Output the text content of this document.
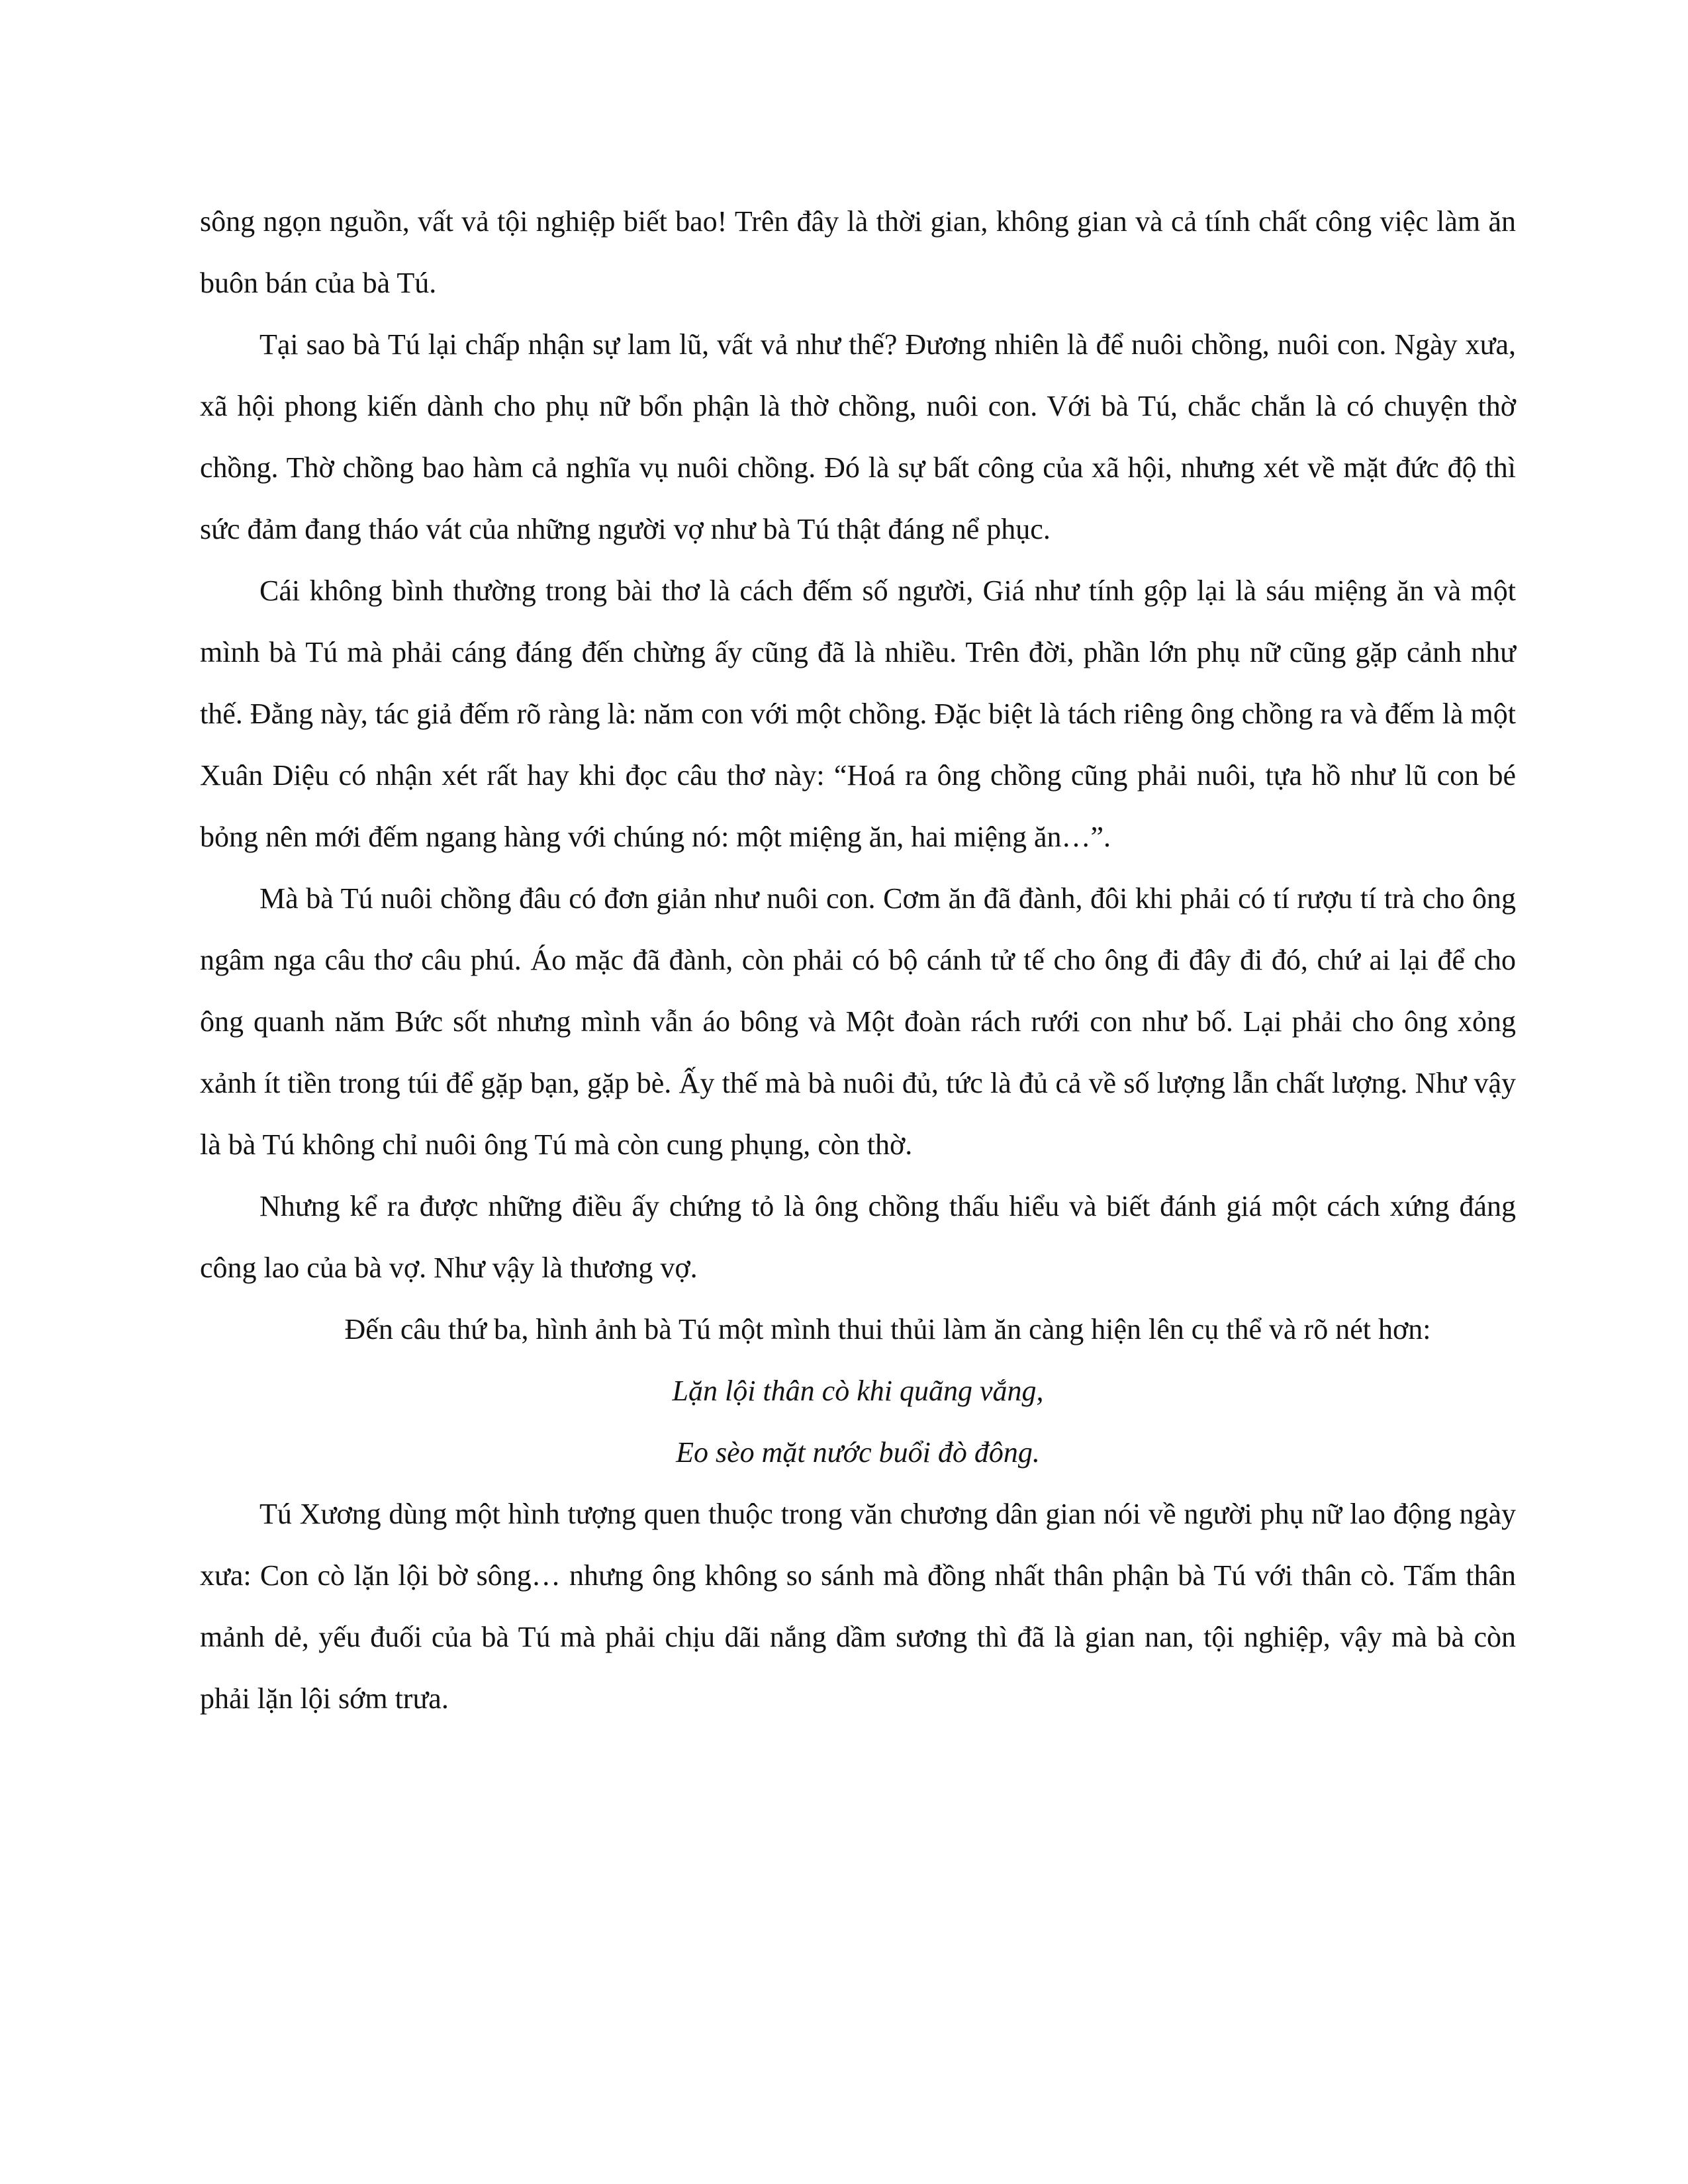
sông ngọn nguồn, vất vả tội nghiệp biết bao! Trên đây là thời gian, không gian và cả tính chất công việc làm ăn buôn bán của bà Tú.

Tại sao bà Tú lại chấp nhận sự lam lũ, vất vả như thế? Đương nhiên là để nuôi chồng, nuôi con. Ngày xưa, xã hội phong kiến dành cho phụ nữ bổn phận là thờ chồng, nuôi con. Với bà Tú, chắc chắn là có chuyện thờ chồng. Thờ chồng bao hàm cả nghĩa vụ nuôi chồng. Đó là sự bất công của xã hội, nhưng xét về mặt đức độ thì sức đảm đang tháo vát của những người vợ như bà Tú thật đáng nể phục.

Cái không bình thường trong bài thơ là cách đếm số người, Giá như tính gộp lại là sáu miệng ăn và một mình bà Tú mà phải cáng đáng đến chừng ấy cũng đã là nhiều. Trên đời, phần lớn phụ nữ cũng gặp cảnh như thế. Đằng này, tác giả đếm rõ ràng là: năm con với một chồng. Đặc biệt là tách riêng ông chồng ra và đếm là một Xuân Diệu có nhận xét rất hay khi đọc câu thơ này: “Hoá ra ông chồng cũng phải nuôi, tựa hồ như lũ con bé bỏng nên mới đếm ngang hàng với chúng nó: một miệng ăn, hai miệng ăn…”.

Mà bà Tú nuôi chồng đâu có đơn giản như nuôi con. Cơm ăn đã đành, đôi khi phải có tí rượu tí trà cho ông ngâm nga câu thơ câu phú. Áo mặc đã đành, còn phải có bộ cánh tử tế cho ông đi đây đi đó, chứ ai lại để cho ông quanh năm Bức sốt nhưng mình vẫn áo bông và Một đoàn rách rưới con như bố. Lại phải cho ông xỏng xảnh ít tiền trong túi để gặp bạn, gặp bè. Ấy thế mà bà nuôi đủ, tức là đủ cả về số lượng lẫn chất lượng. Như vậy là bà Tú không chỉ nuôi ông Tú mà còn cung phụng, còn thờ.

Nhưng kể ra được những điều ấy chứng tỏ là ông chồng thấu hiểu và biết đánh giá một cách xứng đáng công lao của bà vợ. Như vậy là thương vợ.

Đến câu thứ ba, hình ảnh bà Tú một mình thui thủi làm ăn càng hiện lên cụ thể và rõ nét hơn:

Lặn lội thân cò khi quãng vắng,

Eo sèo mặt nước buổi đò đông.

Tú Xương dùng một hình tượng quen thuộc trong văn chương dân gian nói về người phụ nữ lao động ngày xưa: Con cò lặn lội bờ sông… nhưng ông không so sánh mà đồng nhất thân phận bà Tú với thân cò. Tấm thân mảnh dẻ, yếu đuối của bà Tú mà phải chịu dãi nắng dầm sương thì đã là gian nan, tội nghiệp, vậy mà bà còn phải lặn lội sớm trưa.
